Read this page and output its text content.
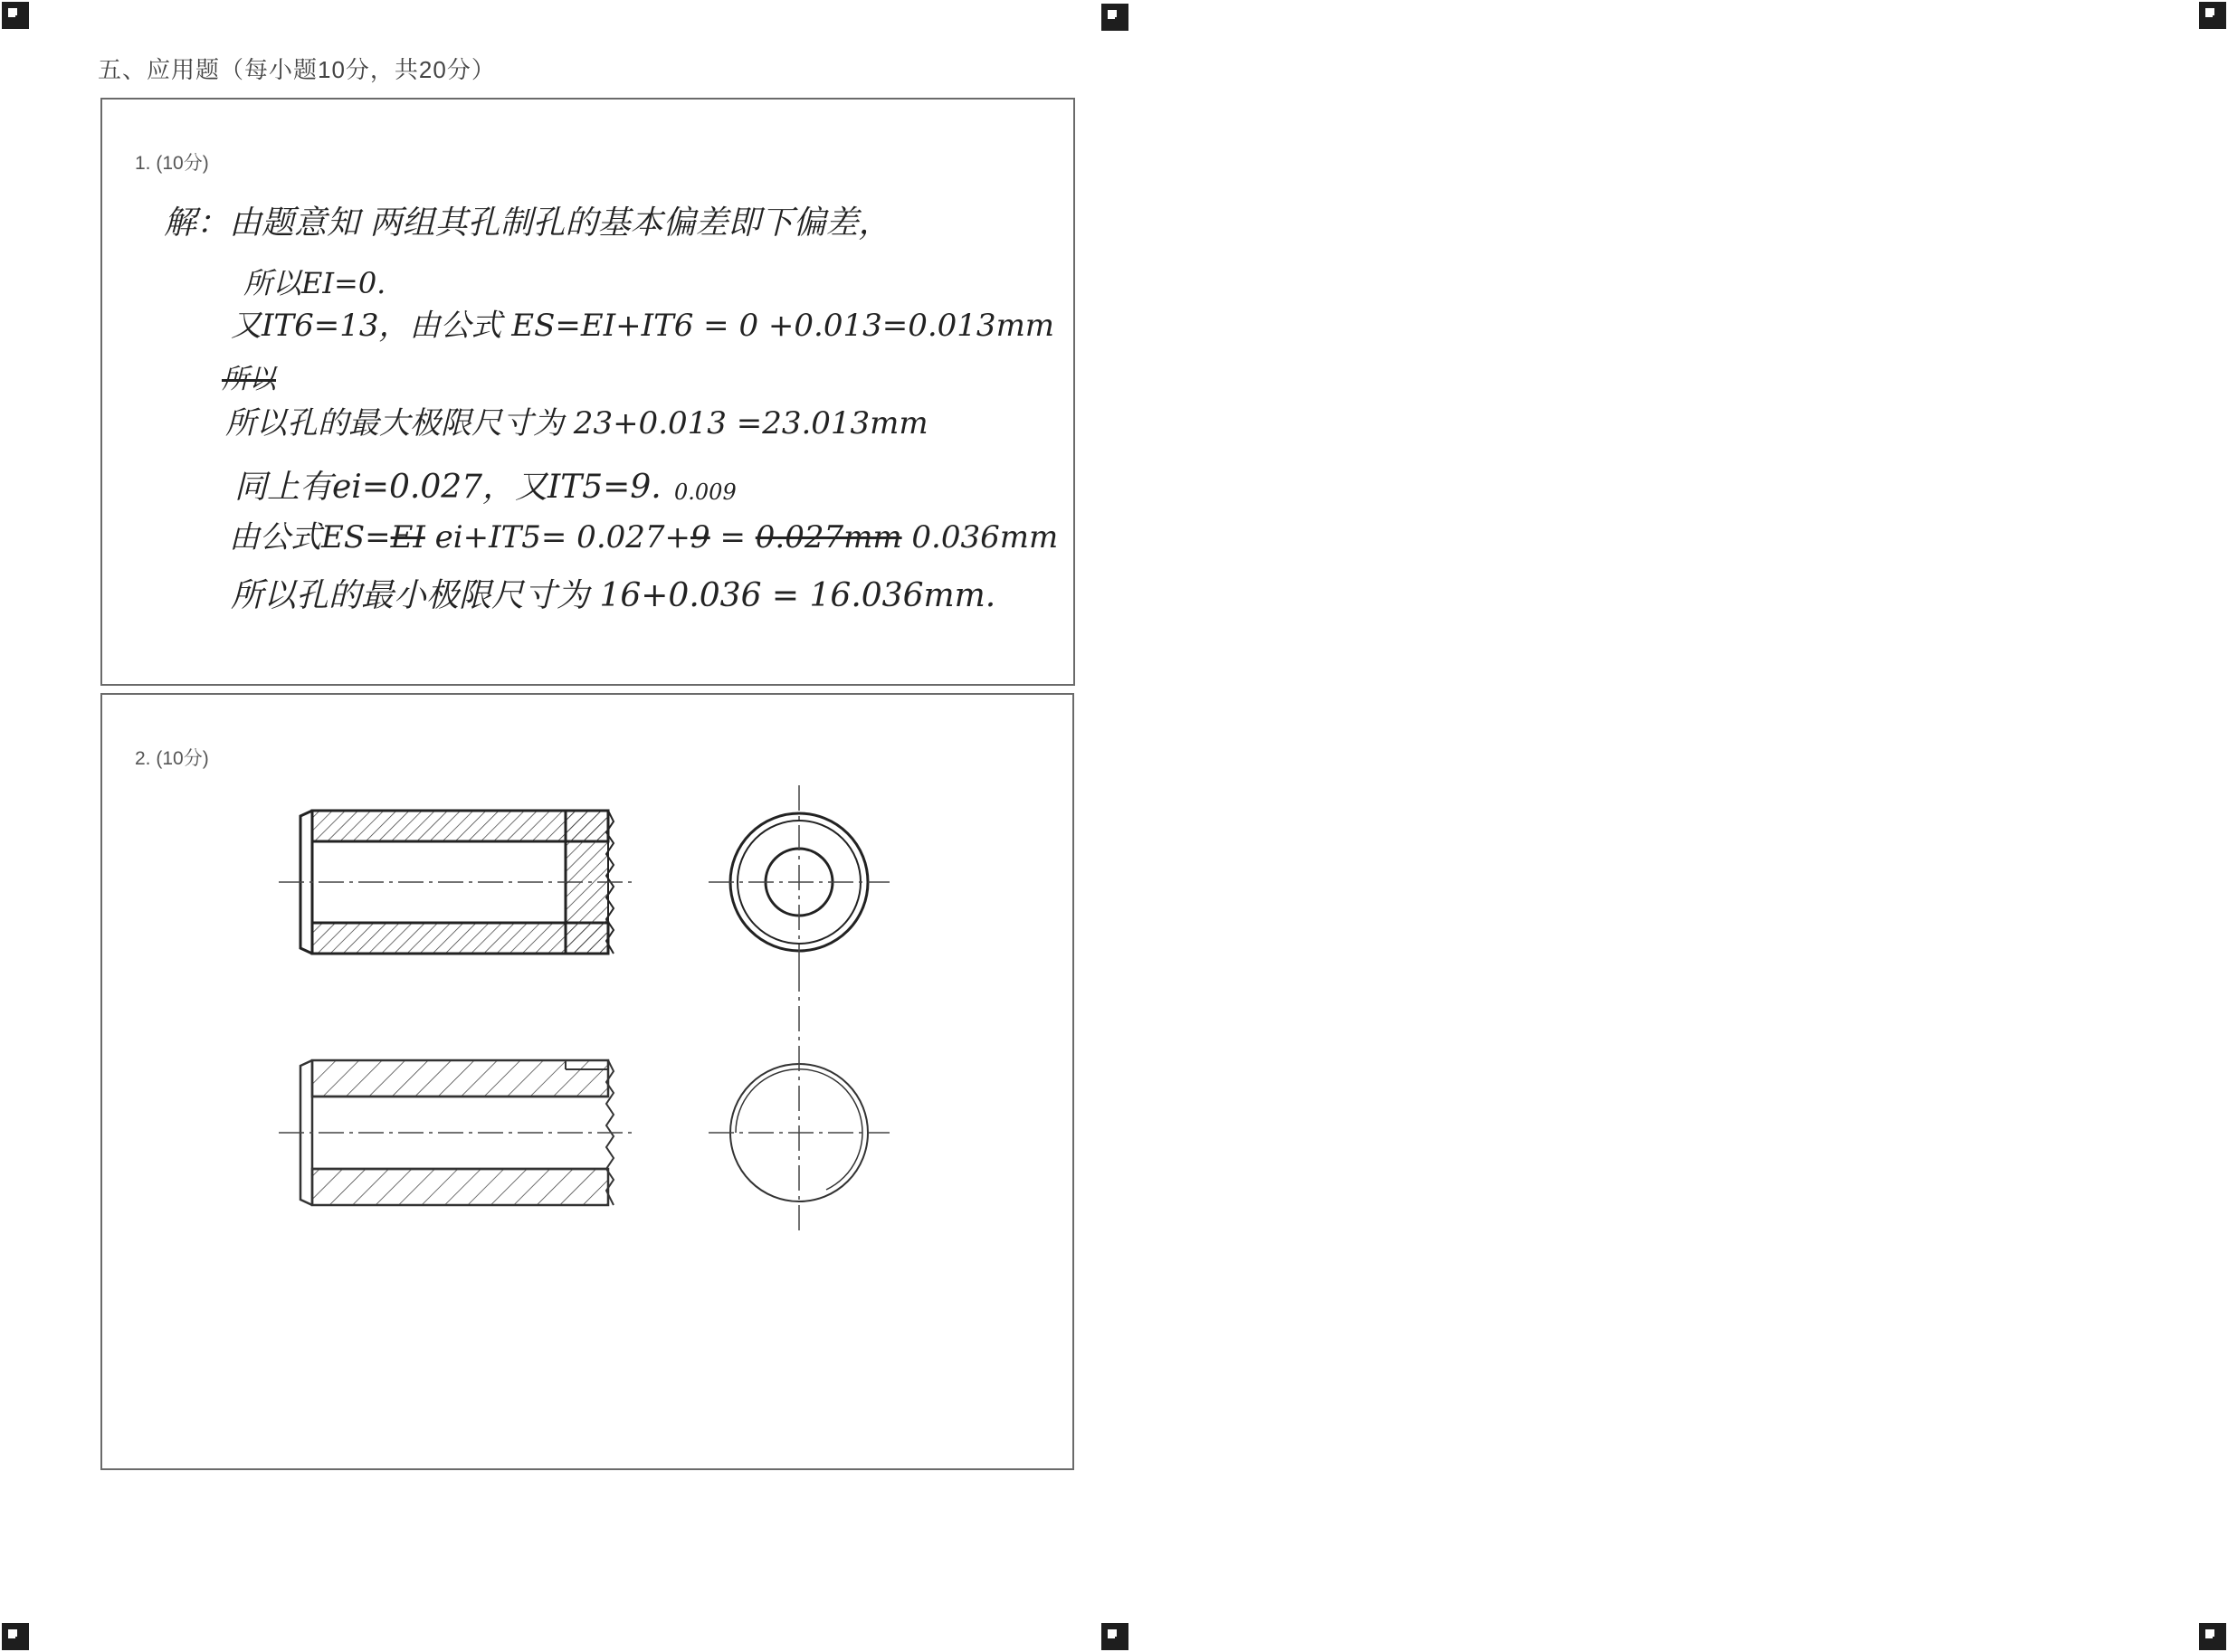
五、应用题（每小题10分，共20分）
1. (10分)
解：由题意知 两组其孔制孔的基本偏差即下偏差，
所以EI=0.
又IT6=13，由公式 ES=EI+IT6 = 0 +0.013=0.013mm
所以
所以孔的最大极限尺寸为 23+0.013 =23.013mm
同上有ei=0.027，又IT5=9. 0.009
由公式ES=EI ei+IT5= 0.027+9 = 0.027mm 0.036mm
所以孔的最小极限尺寸为 16+0.036 = 16.036mm.
2. (10分)
